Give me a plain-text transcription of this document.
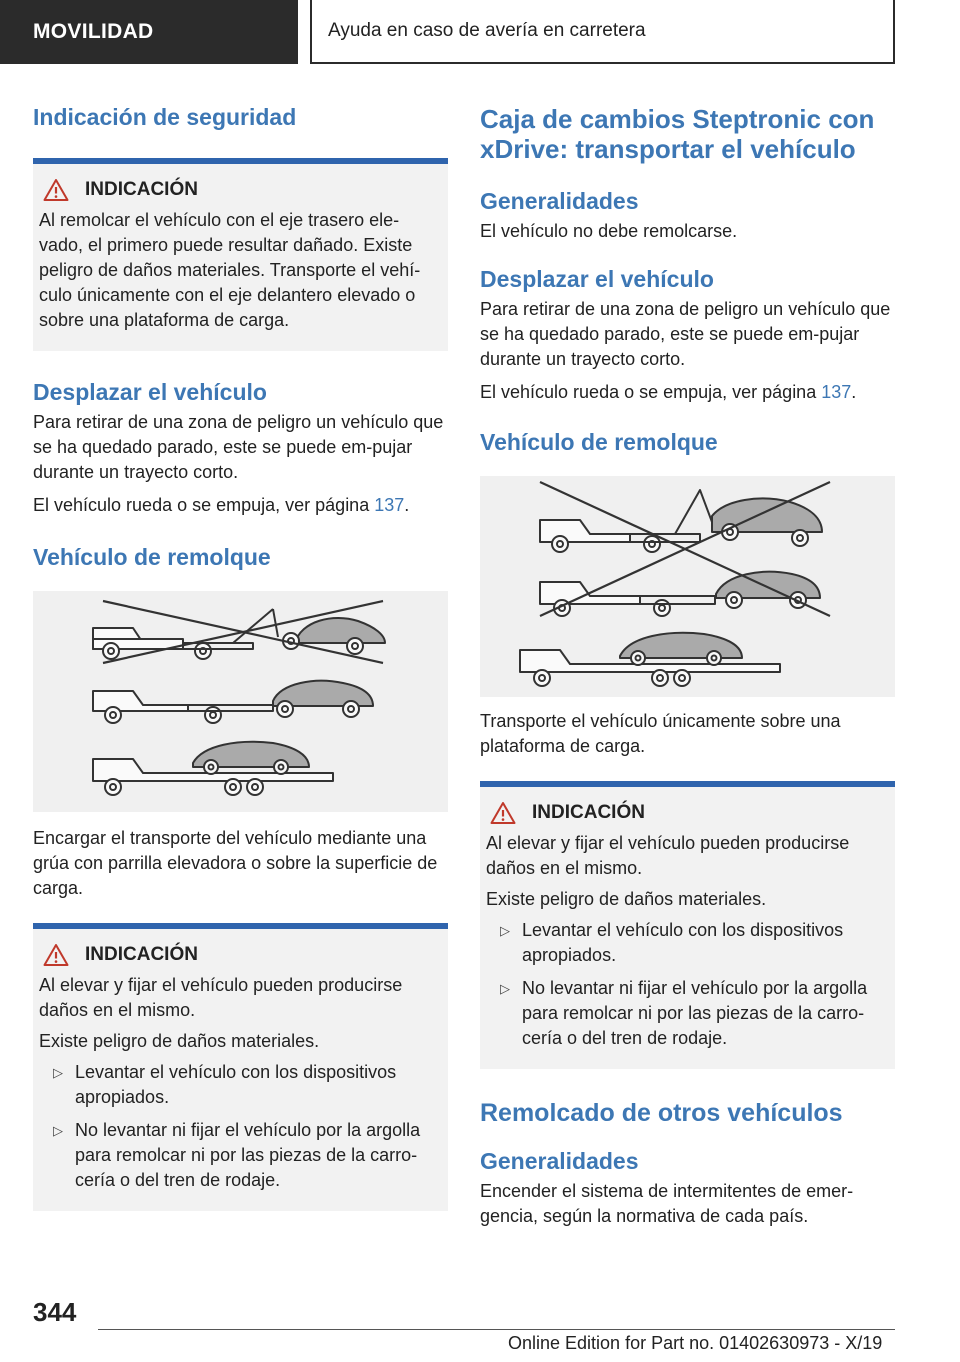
MOVILIDAD	Ayuda en caso de avería en carretera
Indicación de seguridad
INDICACIÓN

Al remolcar el vehículo con el eje trasero ele-vado, el primero puede resultar dañado. Existe peligro de daños materiales. Transporte el vehí-culo únicamente con el eje delantero elevado o sobre una plataforma de carga.

Desplazar el vehículo

Para retirar de una zona de peligro un vehículo que se ha quedado parado, este se puede em-pujar durante un trayecto corto.

El vehículo rueda o se empuja, ver página 137.

Vehículo de remolque

Encargar el transporte del vehículo mediante una grúa con parrilla elevadora o sobre la superficie de carga.

INDICACIÓN

Al elevar y fijar el vehículo pueden producirse daños en el mismo.

Existe peligro de daños materiales.

▷ Levantar el vehículo con los dispositivos apropiados.
▷ No levantar ni fijar el vehículo por la argolla para remolcar ni por las piezas de la carro-cería o del tren de rodaje.
Caja de cambios Steptronic con xDrive: transportar el vehículo
Generalidades

El vehículo no debe remolcarse.

Desplazar el vehículo

Para retirar de una zona de peligro un vehículo que se ha quedado parado, este se puede em-pujar durante un trayecto corto.

El vehículo rueda o se empuja, ver página 137.

Vehículo de remolque

Transporte el vehículo únicamente sobre una plataforma de carga.

INDICACIÓN

Al elevar y fijar el vehículo pueden producirse daños en el mismo.

Existe peligro de daños materiales.

▷ Levantar el vehículo con los dispositivos apropiados.
▷ No levantar ni fijar el vehículo por la argolla para remolcar ni por las piezas de la carro-cería o del tren de rodaje.
Remolcado de otros vehículos
Generalidades

Encender el sistema de intermitentes de emer-gencia, según la normativa de cada país.

344
Online Edition for Part no. 01402630973 - X/19
